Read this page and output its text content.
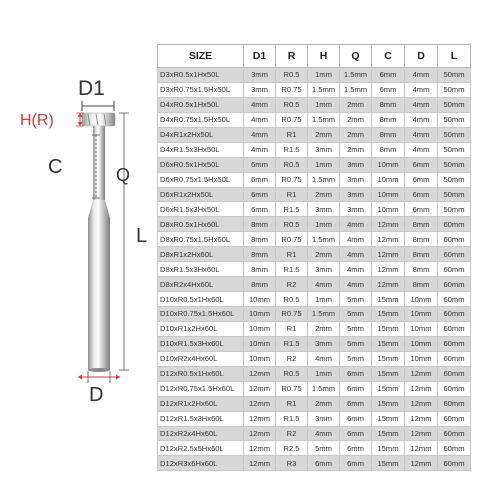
D1
H(R)
C	Q
L
D
SIZE	D1	R	H	Q	C	D	L
D3xR0.5x1Hx50L	3mm	R0.5	1mm	1.5mm	6mm	4mm	50mm
D3xR0.75x1.5Hx50L	3mm	R0.75	1.5mm	1.5mm	6mm	4mm	50mm
D4xR0.5x1Hx50L	4mm	R0.5	1mm	2mm	8mm	4mm	50mm
D4xR0.75x1.5Hx50L	4mm	R0.75	1.5mm	2mm	8mm	4mm	50mm
D4xR1x2Hx50L	4mm	R1	2mm	2mm	8mm	4mm	50mm
D4xR1.5x3Hx50L	4mm	R1.5	3mm	2mm	8mm	4mm	50mm
D6xR0.5x1Hx50L	6mm	R0.5	1mm	3mm	10mm	6mm	50mm
D6xR0.75x1.5Hx50L	6mm	R0.75	1.5mm	3mm	10mm	6mm	50mm
D6xR1x2Hx50L	6mm	R1	2mm	3mm	10mm	6mm	50mm
D6xR1.5x3Hx50L	6mm	R1.5	3mm	3mm	10mm	6mm	50mm
D8xR0.5x1Hx60L	8mm	R0.5	1mm	4mm	12mm	8mm	60mm
D8xR0.75x1.5Hx60L	8mm	R0.75	1.5mm	4mm	12mm	8mm	60mm
D8xR1x2Hx60L	8mm	R1	2mm	4mm	12mm	8mm	60mm
D8xR1.5x3Hx60L	8mm	R1.5	3mm	4mm	12mm	8mm	60mm
D8xR2x4Hx60L	8mm	R2	4mm	4mm	12mm	8mm	60mm
D10xR0.5x1Hx60L	10mm	R0.5	1mm	5mm	15mm	10mm	60mm
D10xR0.75x1.5Hx60L	10mm	R0.75	1.5mm	5mm	15mm	10mm	60mm
D10xR1x2Hx60L	10mm	R1	2mm	5mm	15mm	10mm	60mm
D10xR1.5x3Hx60L	10mm	R1.5	3mm	5mm	15mm	10mm	60mm
D10xR2x4Hx60L	10mm	R2	4mm	5mm	15mm	10mm	60mm
D12xR0.5x1Hx60L	12mm	R0.5	1mm	6mm	15mm	12mm	60mm
D12xR0.75x1.5Hx60L	12mm	R0.75	1.5mm	6mm	15mm	12mm	60mm
D12xR1x2Hx60L	12mm	R1	2mm	6mm	15mm	12mm	60mm
D12xR1.5x3Hx60L	12mm	R1.5	3mm	6mm	15mm	12mm	60mm
D12xR2x4Hx60L	12mm	R2	4mm	6mm	15mm	12mm	60mm
D12xR2.5x5Hx60L	12mm	R2.5	5mm	6mm	15mm	12mm	60mm
D12xR3x6Hx60L	12mm	R3	6mm	6mm	15mm	12mm	60mm
